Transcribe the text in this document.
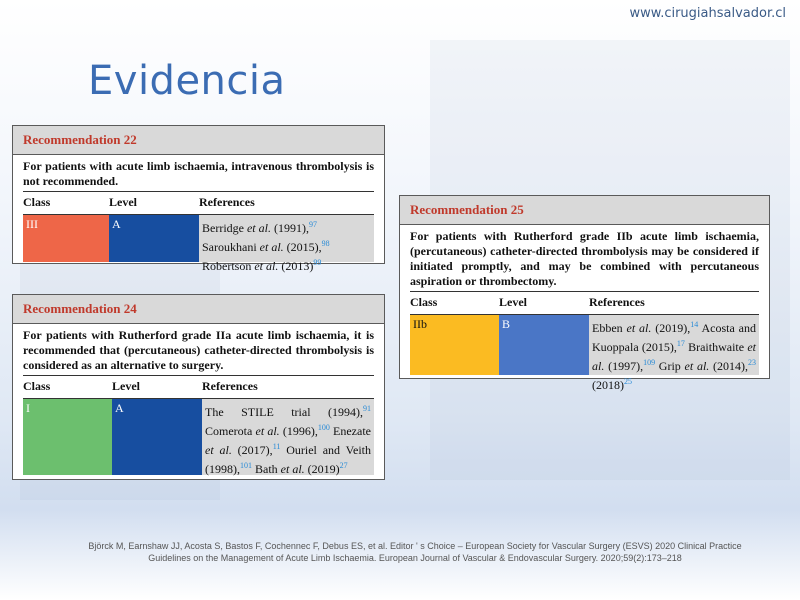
www.cirugiahsalvador.cl
Evidencia
Recommendation 22
For patients with acute limb ischaemia, intravenous thrombolysis is not recommended.
Class	Level	References
III	A	Berridge et al. (1991),$^{97}$
Saroukhani et al. (2015),$^{98}$
Robertson et al. $(2013)^{99}$
Recommendation 24
For patients with Rutherford grade IIa acute limb ischaemia, it is recommended that (percutaneous) catheter-directed thrombolysis is considered as an alternative to surgery.
Class	Level	References
I	A	The STILE trial (1994),$^{91}$ Comerota et al. (1996),$^{100}$ Enezate et al. (2017),$^{11}$ Ouriel and Veith (1998),$^{101}$ Bath et al. $(2019)^{27}$
Recommendation 25
For patients with Rutherford grade IIb acute limb ischaemia, (percutaneous) catheter-directed thrombolysis may be considered if initiated promptly, and may be combined with percutaneous aspiration or thrombectomy.
Class	Level	References
IIb	B	Ebben et al. (2019),$^{14}$ Acosta and Kuoppala (2015),$^{17}$ Braithwaite et al. (1997),$^{109}$ Grip et al. (2014),$^{23}$ $(2018)^{25}$
Björck M, Earnshaw JJ, Acosta S, Bastos F, Cochennec F, Debus ES, et al. Editor ' s Choice – European Society for Vascular Surgery (ESVS) 2020 Clinical Practice Guidelines on the Management of Acute Limb Ischaemia. European Journal of Vascular & Endovascular Surgery. 2020;59(2):173–218
